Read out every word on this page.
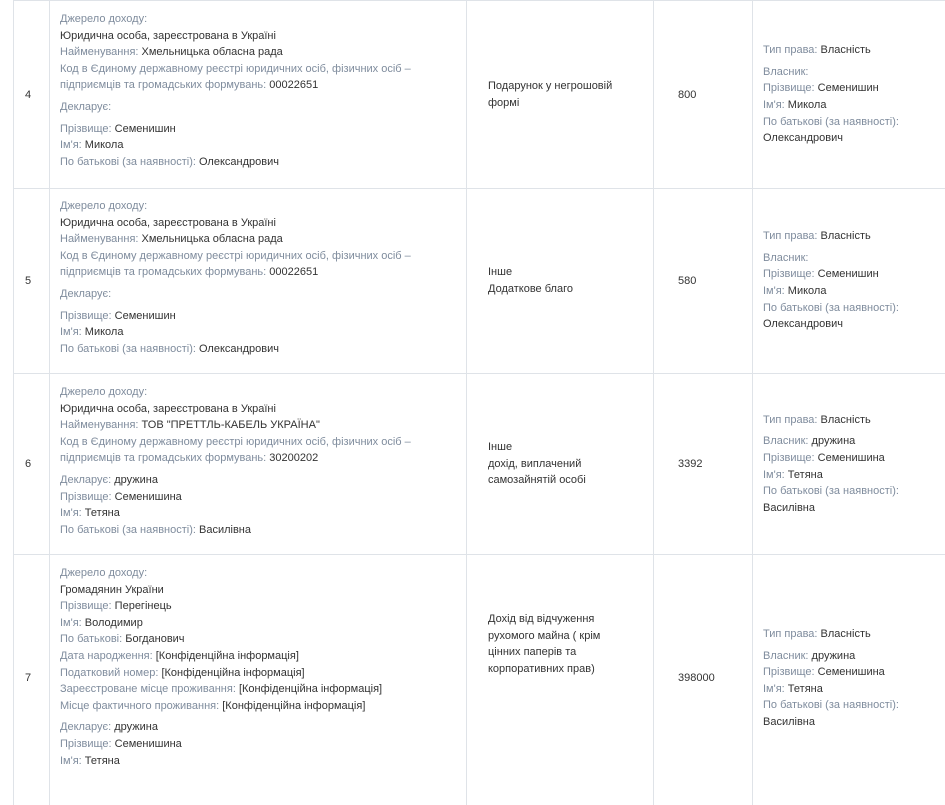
4
Джерело доходу:
Юридична особа, зареєстрована в Україні
Найменування: Хмельницька обласна рада
Код в Єдиному державному реєстрі юридичних осіб, фізичних осіб – підприємців та громадських формувань: 00022651
Декларує:
Прізвище: Семенишин
Ім'я: Микола
По батькові (за наявності): Олександрович
Подарунок у негрошовій
формі
800
Тип права: Власність
Власник:
Прізвище: Семенишин
Ім'я: Микола
По батькові (за наявності):
Олександрович
5
Джерело доходу:
Юридична особа, зареєстрована в Україні
Найменування: Хмельницька обласна рада
Код в Єдиному державному реєстрі юридичних осіб, фізичних осіб – підприємців та громадських формувань: 00022651
Декларує:
Прізвище: Семенишин
Ім'я: Микола
По батькові (за наявності): Олександрович
Інше
Додаткове благо
580
Тип права: Власність
Власник:
Прізвище: Семенишин
Ім'я: Микола
По батькові (за наявності):
Олександрович
6
Джерело доходу:
Юридична особа, зареєстрована в Україні
Найменування: ТОВ "ПРЕТТЛЬ-КАБЕЛЬ УКРАЇНА"
Код в Єдиному державному реєстрі юридичних осіб, фізичних осіб – підприємців та громадських формувань: 30200202
Декларує: дружина
Прізвище: Семенишина
Ім'я: Тетяна
По батькові (за наявності): Василівна
Інше
дохід, виплачений
самозайнятій особі
3392
Тип права: Власність
Власник: дружина
Прізвище: Семенишина
Ім'я: Тетяна
По батькові (за наявності):
Василівна
7
Джерело доходу:
Громадянин України
Прізвище: Перегінець
Ім'я: Володимир
По батькові: Богданович
Дата народження: [Конфіденційна інформація]
Податковий номер: [Конфіденційна інформація]
Зареєстроване місце проживання: [Конфіденційна інформація]
Місце фактичного проживання: [Конфіденційна інформація]
Декларує: дружина
Прізвище: Семенишина
Ім'я: Тетяна
Дохід від відчуження
рухомого майна ( крім
цінних паперів та
корпоративних прав)
398000
Тип права: Власність
Власник: дружина
Прізвище: Семенишина
Ім'я: Тетяна
По батькові (за наявності):
Василівна
